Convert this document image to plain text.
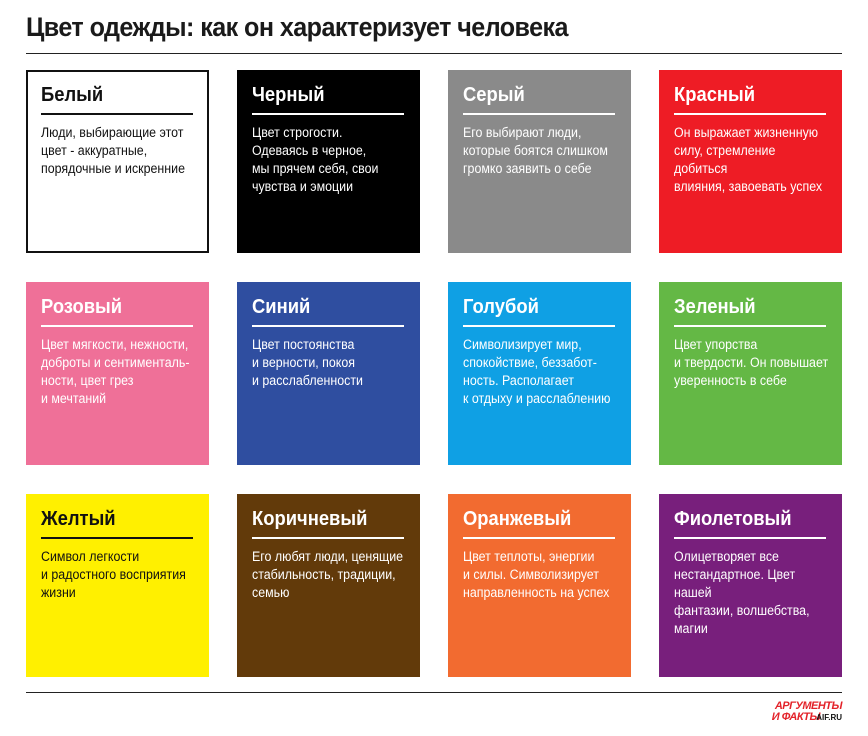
Цвет одежды: как он характеризует человека
Белый
Люди, выбирающие этот
цвет - аккуратные,
порядочные и искренние
Черный
Цвет строгости.
Одеваясь в черное,
мы прячем себя, свои
чувства и эмоции
Серый
Его выбирают люди,
которые боятся слишком
громко заявить о себе
Красный
Он выражает жизненную
силу, стремление добиться
влияния, завоевать успех
Розовый
Цвет мягкости, нежности,
доброты и сентименталь-
ности, цвет грез
и мечтаний
Синий
Цвет постоянства
и верности, покоя
и расслабленности
Голубой
Символизирует мир,
спокойствие, беззабот-
ность. Располагает
к отдыху и расслаблению
Зеленый
Цвет упорства
и твердости. Он повышает
уверенность в себе
Желтый
Символ легкости
и радостного восприятия
жизни
Коричневый
Его любят люди, ценящие
стабильность, традиции,
семью
Оранжевый
Цвет теплоты, энергии
и силы. Символизирует
направленность на успех
Фиолетовый
Олицетворяет все
нестандартное. Цвет нашей
фантазии, волшебства,
магии
АРГУМЕНТЫ
И ФАКТЫ
AIF.RU
